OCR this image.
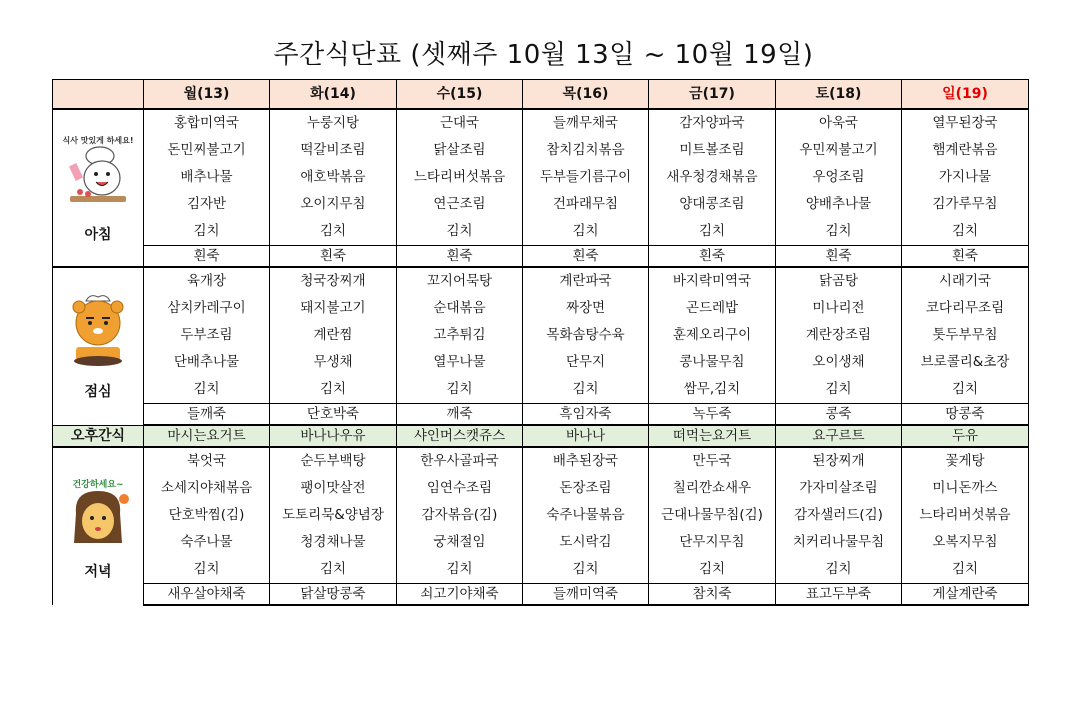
주간식단표 (셋째주 10월 13일 ~ 10월 19일)
	월(13)	화(14)	수(15)	목(16)	금(17)	토(18)	일(19)

식사 맛있게 하세요!
아침	홍합미역국	누룽지탕	근대국	들깨무채국	감자양파국	아욱국	열무된장국
	돈민찌불고기	떡갈비조림	닭살조림	참치김치볶음	미트볼조림	우민찌불고기	햄계란볶음
	배추나물	애호박볶음	느타리버섯볶음	두부들기름구이	새우청경채볶음	우엉조림	가지나물
	김자반	오이지무침	연근조림	건파래무침	양대콩조림	양배추나물	김가루무침
	김치	김치	김치	김치	김치	김치	김치
	흰죽	흰죽	흰죽	흰죽	흰죽	흰죽	흰죽

점심	육개장	청국장찌개	꼬지어묵탕	계란파국	바지락미역국	닭곰탕	시래기국
	삼치카레구이	돼지불고기	순대볶음	짜장면	곤드레밥	미나리전	코다리무조림
	두부조림	계란찜	고추튀김	목화솜탕수육	훈제오리구이	계란장조림	톳두부무침
	단배추나물	무생채	열무나물	단무지	콩나물무침	오이생채	브로콜리&초장
	김치	김치	김치	김치	쌈무,김치	김치	김치
	들깨죽	단호박죽	깨죽	흑임자죽	녹두죽	콩죽	땅콩죽
오후간식	마시는요거트	바나나우유	샤인머스캣쥬스	바나나	떠먹는요거트	요구르트	두유

건강하세요~
저녁	북엇국	순두부백탕	한우사골파국	배추된장국	만두국	된장찌개	꽃게탕
	소세지야채볶음	팽이맛살전	임연수조림	돈장조림	칠리깐쇼새우	가자미살조림	미니돈까스
	단호박찜(김)	도토리묵&양념장	감자볶음(김)	숙주나물볶음	근대나물무침(김)	감자샐러드(김)	느타리버섯볶음
	숙주나물	청경채나물	궁채절임	도시락김	단무지무침	치커리나물무침	오복지무침
	김치	김치	김치	김치	김치	김치	김치
	새우살야채죽	닭살땅콩죽	쇠고기야채죽	들깨미역죽	참치죽	표고두부죽	게살계란죽
